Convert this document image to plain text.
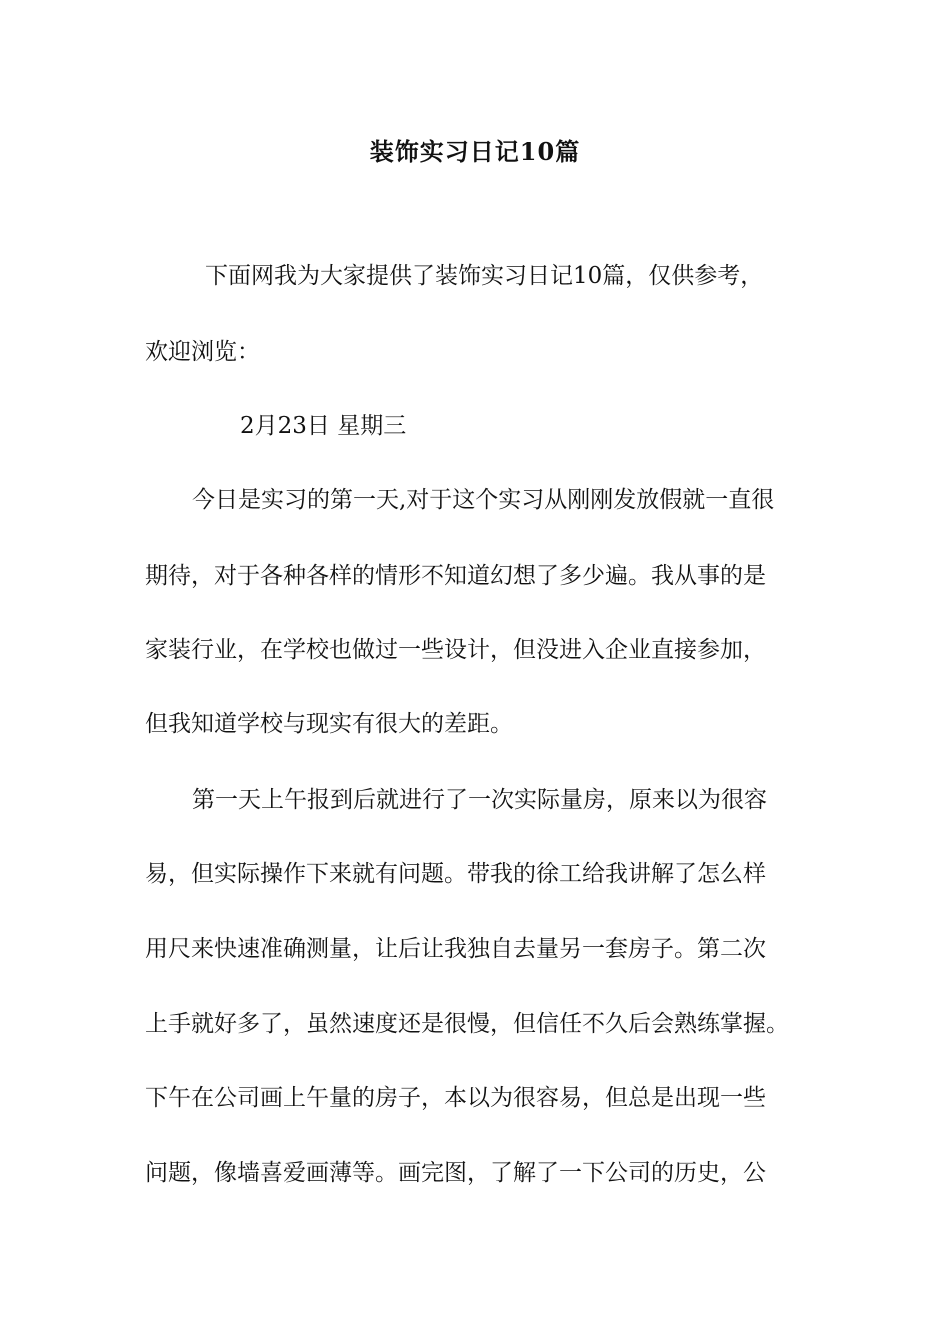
装饰实习日记10篇
下面网我为大家提供了装饰实习日记10篇，仅供参考，
欢迎浏览：
2月23日 星期三
今日是实习的第一天,对于这个实习从刚刚发放假就一直很
期待，对于各种各样的情形不知道幻想了多少遍。我从事的是
家装行业，在学校也做过一些设计，但没进入企业直接参加，
但我知道学校与现实有很大的差距。
第一天上午报到后就进行了一次实际量房，原来以为很容
易，但实际操作下来就有问题。带我的徐工给我讲解了怎么样
用尺来快速准确测量，让后让我独自去量另一套房子。第二次
上手就好多了，虽然速度还是很慢，但信任不久后会熟练掌握。
下午在公司画上午量的房子，本以为很容易，但总是出现一些
问题，像墙喜爱画薄等。画完图，了解了一下公司的历史，公
